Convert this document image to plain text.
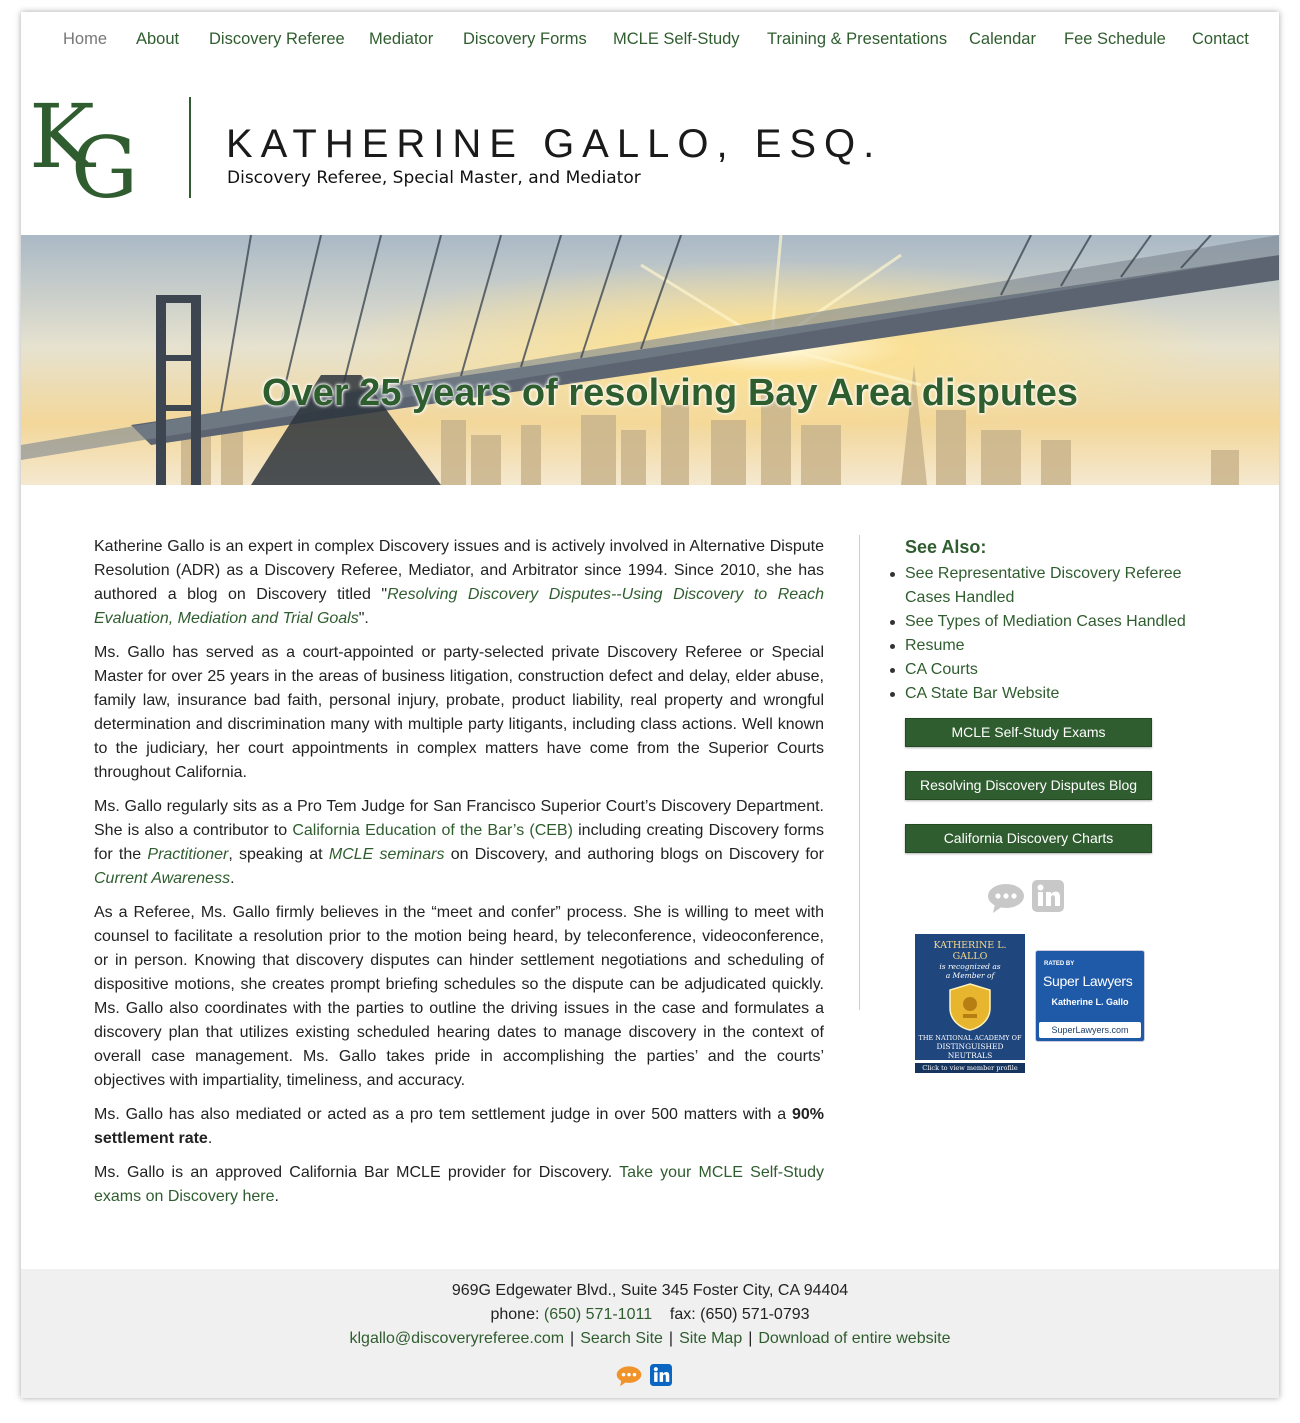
Home About Discovery Referee Mediator Discovery Forms MCLE Self-Study Training & Presentations Calendar Fee Schedule Contact
K
G KATHERINE GALLO, ESQ.
Discovery Referee, Special Master, and Mediator
Over 25 years of resolving Bay Area disputes

Katherine Gallo is an expert in complex Discovery issues and is actively involved in Alternative Dispute Resolution (ADR) as a Discovery Referee, Mediator, and Arbitrator since 1994. Since 2010, she has authored a blog on Discovery titled "Resolving Discovery Disputes--Using Discovery to Reach Evaluation, Mediation and Trial Goals".

Ms. Gallo has served as a court-appointed or party-selected private Discovery Referee or Special Master for over 25 years in the areas of business litigation, construction defect and delay, elder abuse, family law, insurance bad faith, personal injury, probate, product liability, real property and wrongful determination and discrimination many with multiple party litigants, including class actions. Well known to the judiciary, her court appointments in complex matters have come from the Superior Courts throughout California.

Ms. Gallo regularly sits as a Pro Tem Judge for San Francisco Superior Court’s Discovery Department. She is also a contributor to California Education of the Bar’s (CEB) including creating Discovery forms for the Practitioner, speaking at MCLE seminars on Discovery, and authoring blogs on Discovery for Current Awareness.

As a Referee, Ms. Gallo firmly believes in the “meet and confer” process. She is willing to meet with counsel to facilitate a resolution prior to the motion being heard, by teleconference, videoconference, or in person. Knowing that discovery disputes can hinder settlement negotiations and scheduling of dispositive motions, she creates prompt briefing schedules so the dispute can be adjudicated quickly. Ms. Gallo also coordinates with the parties to outline the driving issues in the case and formulates a discovery plan that utilizes existing scheduled hearing dates to manage discovery in the context of overall case management. Ms. Gallo takes pride in accomplishing the parties’ and the courts’ objectives with impartiality, timeliness, and accuracy.

Ms. Gallo has also mediated or acted as a pro tem settlement judge in over 500 matters with a 90% settlement rate.

Ms. Gallo is an approved California Bar MCLE provider for Discovery. Take your MCLE Self-Study exams on Discovery here.

See Also:
See Representative Discovery Referee Cases Handled
See Types of Mediation Cases Handled
Resume
CA Courts
CA State Bar Website
MCLE Self-Study Exams
Resolving Discovery Disputes Blog
California Discovery Charts
KATHERINE L. GALLO
is recognized as
a Member of
THE NATIONAL ACADEMY OF
DISTINGUISHED NEUTRALS
Click to view member profile
RATED BY
Super Lawyers
Katherine L. Gallo
SuperLawyers.com
969G Edgewater Blvd., Suite 345 Foster City, CA 94404
phone: (650) 571-1011 fax: (650) 571-0793
klgallo@discoveryreferee.com | Search Site | Site Map | Download of entire website
